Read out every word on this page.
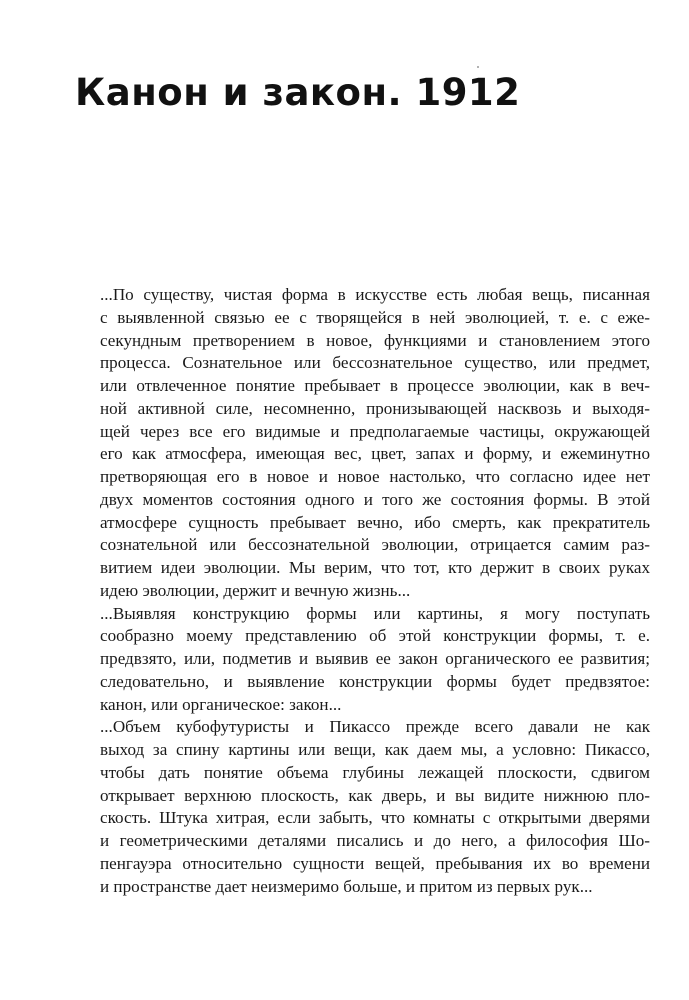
Канон и закон. 1912

...По существу, чистая форма в искусстве есть любая вещь, писанная
с выявленной связью ее с творящейся в ней эволюцией, т. е. с еже-
секундным претворением в новое, функциями и становлением этого
процесса. Сознательное или бессознательное существо, или предмет,
или отвлеченное понятие пребывает в процессе эволюции, как в веч-
ной активной силе, несомненно, пронизывающей насквозь и выходя-
щей через все его видимые и предполагаемые частицы, окружающей
его как атмосфера, имеющая вес, цвет, запах и форму, и ежеминутно
претворяющая его в новое и новое настолько, что согласно идее нет
двух моментов состояния одного и того же состояния формы. В этой
атмосфере сущность пребывает вечно, ибо смерть, как прекратитель
сознательной или бессознательной эволюции, отрицается самим раз-
витием идеи эволюции. Мы верим, что тот, кто держит в своих руках
идею эволюции, держит и вечную жизнь...

...Выявляя конструкцию формы или картины, я могу поступать
сообразно моему представлению об этой конструкции формы, т. е.
предвзято, или, подметив и выявив ее закон органического ее развития;
следовательно, и выявление конструкции формы будет предвзятое:
канон, или органическое: закон...

...Объем кубофутуристы и Пикассо прежде всего давали не как
выход за спину картины или вещи, как даем мы, а условно: Пикассо,
чтобы дать понятие объема глубины лежащей плоскости, сдвигом
открывает верхнюю плоскость, как дверь, и вы видите нижнюю пло-
скость. Штука хитрая, если забыть, что комнаты с открытыми дверями
и геометрическими деталями писались и до него, а философия Шо-
пенгауэра относительно сущности вещей, пребывания их во времени
и пространстве дает неизмеримо больше, и притом из первых рук...
